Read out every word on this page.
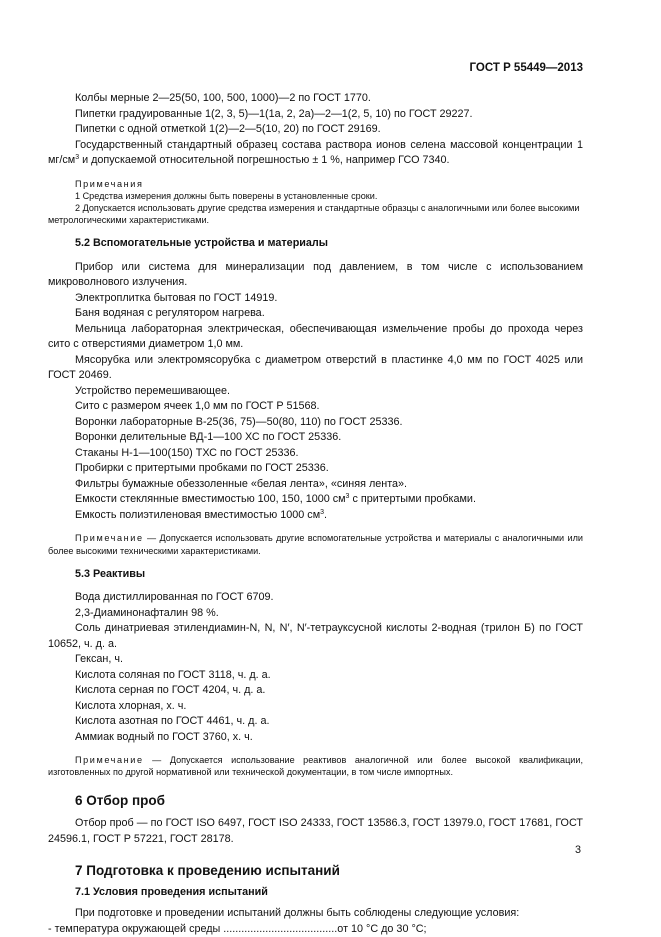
ГОСТ Р 55449—2013

Колбы мерные 2—25(50, 100, 500, 1000)—2 по ГОСТ 1770.

Пипетки градуированные 1(2, 3, 5)—1(1а, 2, 2а)—2—1(2, 5, 10) по ГОСТ 29227.

Пипетки с одной отметкой 1(2)—2—5(10, 20) по ГОСТ 29169.

Государственный стандартный образец состава раствора ионов селена массовой концентрации 1 $мг/см^3$ и допускаемой относительной погрешностью ± 1 %, например ГСО 7340.

Примечания

1 Средства измерения должны быть поверены в установленные сроки.

2 Допускается использовать другие средства измерения и стандартные образцы с аналогичными или более высокими метрологическими характеристиками.

5.2 Вспомогательные устройства и материалы

Прибор или система для минерализации под давлением, в том числе с использованием микроволнового излучения.

Электроплитка бытовая по ГОСТ 14919.

Баня водяная с регулятором нагрева.

Мельница лабораторная электрическая, обеспечивающая измельчение пробы до прохода через сито с отверстиями диаметром 1,0 мм.

Мясорубка или электромясорубка с диаметром отверстий в пластинке 4,0 мм по ГОСТ 4025 или ГОСТ 20469.

Устройство перемешивающее.

Сито с размером ячеек 1,0 мм по ГОСТ Р 51568.

Воронки лабораторные В-25(36, 75)—50(80, 110) по ГОСТ 25336.

Воронки делительные ВД-1—100 ХС по ГОСТ 25336.

Стаканы Н-1—100(150) ТХС по ГОСТ 25336.

Пробирки с притертыми пробками по ГОСТ 25336.

Фильтры бумажные обеззоленные «белая лента», «синяя лента».

Емкости стеклянные вместимостью 100, 150, 1000 $см^3$ с притертыми пробками.

Емкость полиэтиленовая вместимостью 1000 $см^3$.

Примечание — Допускается использовать другие вспомогательные устройства и материалы с аналогичными или более высокими техническими характеристиками.

5.3 Реактивы

Вода дистиллированная по ГОСТ 6709.

2,3-Диаминонафталин 98 %.

Соль динатриевая этилендиамин-N, N, N′, N′-тетрауксусной кислоты 2-водная (трилон Б) по ГОСТ 10652, ч. д. а.

Гексан, ч.

Кислота соляная по ГОСТ 3118, ч. д. а.

Кислота серная по ГОСТ 4204, ч. д. а.

Кислота хлорная, х. ч.

Кислота азотная по ГОСТ 4461, ч. д. а.

Аммиак водный по ГОСТ 3760, х. ч.

Примечание — Допускается использование реактивов аналогичной или более высокой квалификации, изготовленных по другой нормативной или технической документации, в том числе импортных.

6 Отбор проб

Отбор проб — по ГОСТ ISO 6497, ГОСТ ISO 24333, ГОСТ 13586.3, ГОСТ 13979.0, ГОСТ 17681, ГОСТ 24596.1, ГОСТ Р 57221, ГОСТ 28178.

7 Подготовка к проведению испытаний

7.1 Условия проведения испытаний

При подготовке и проведении испытаний должны быть соблюдены следующие условия:

- температура окружающей среды ......................................от 10 °С до 30 °С;

3
